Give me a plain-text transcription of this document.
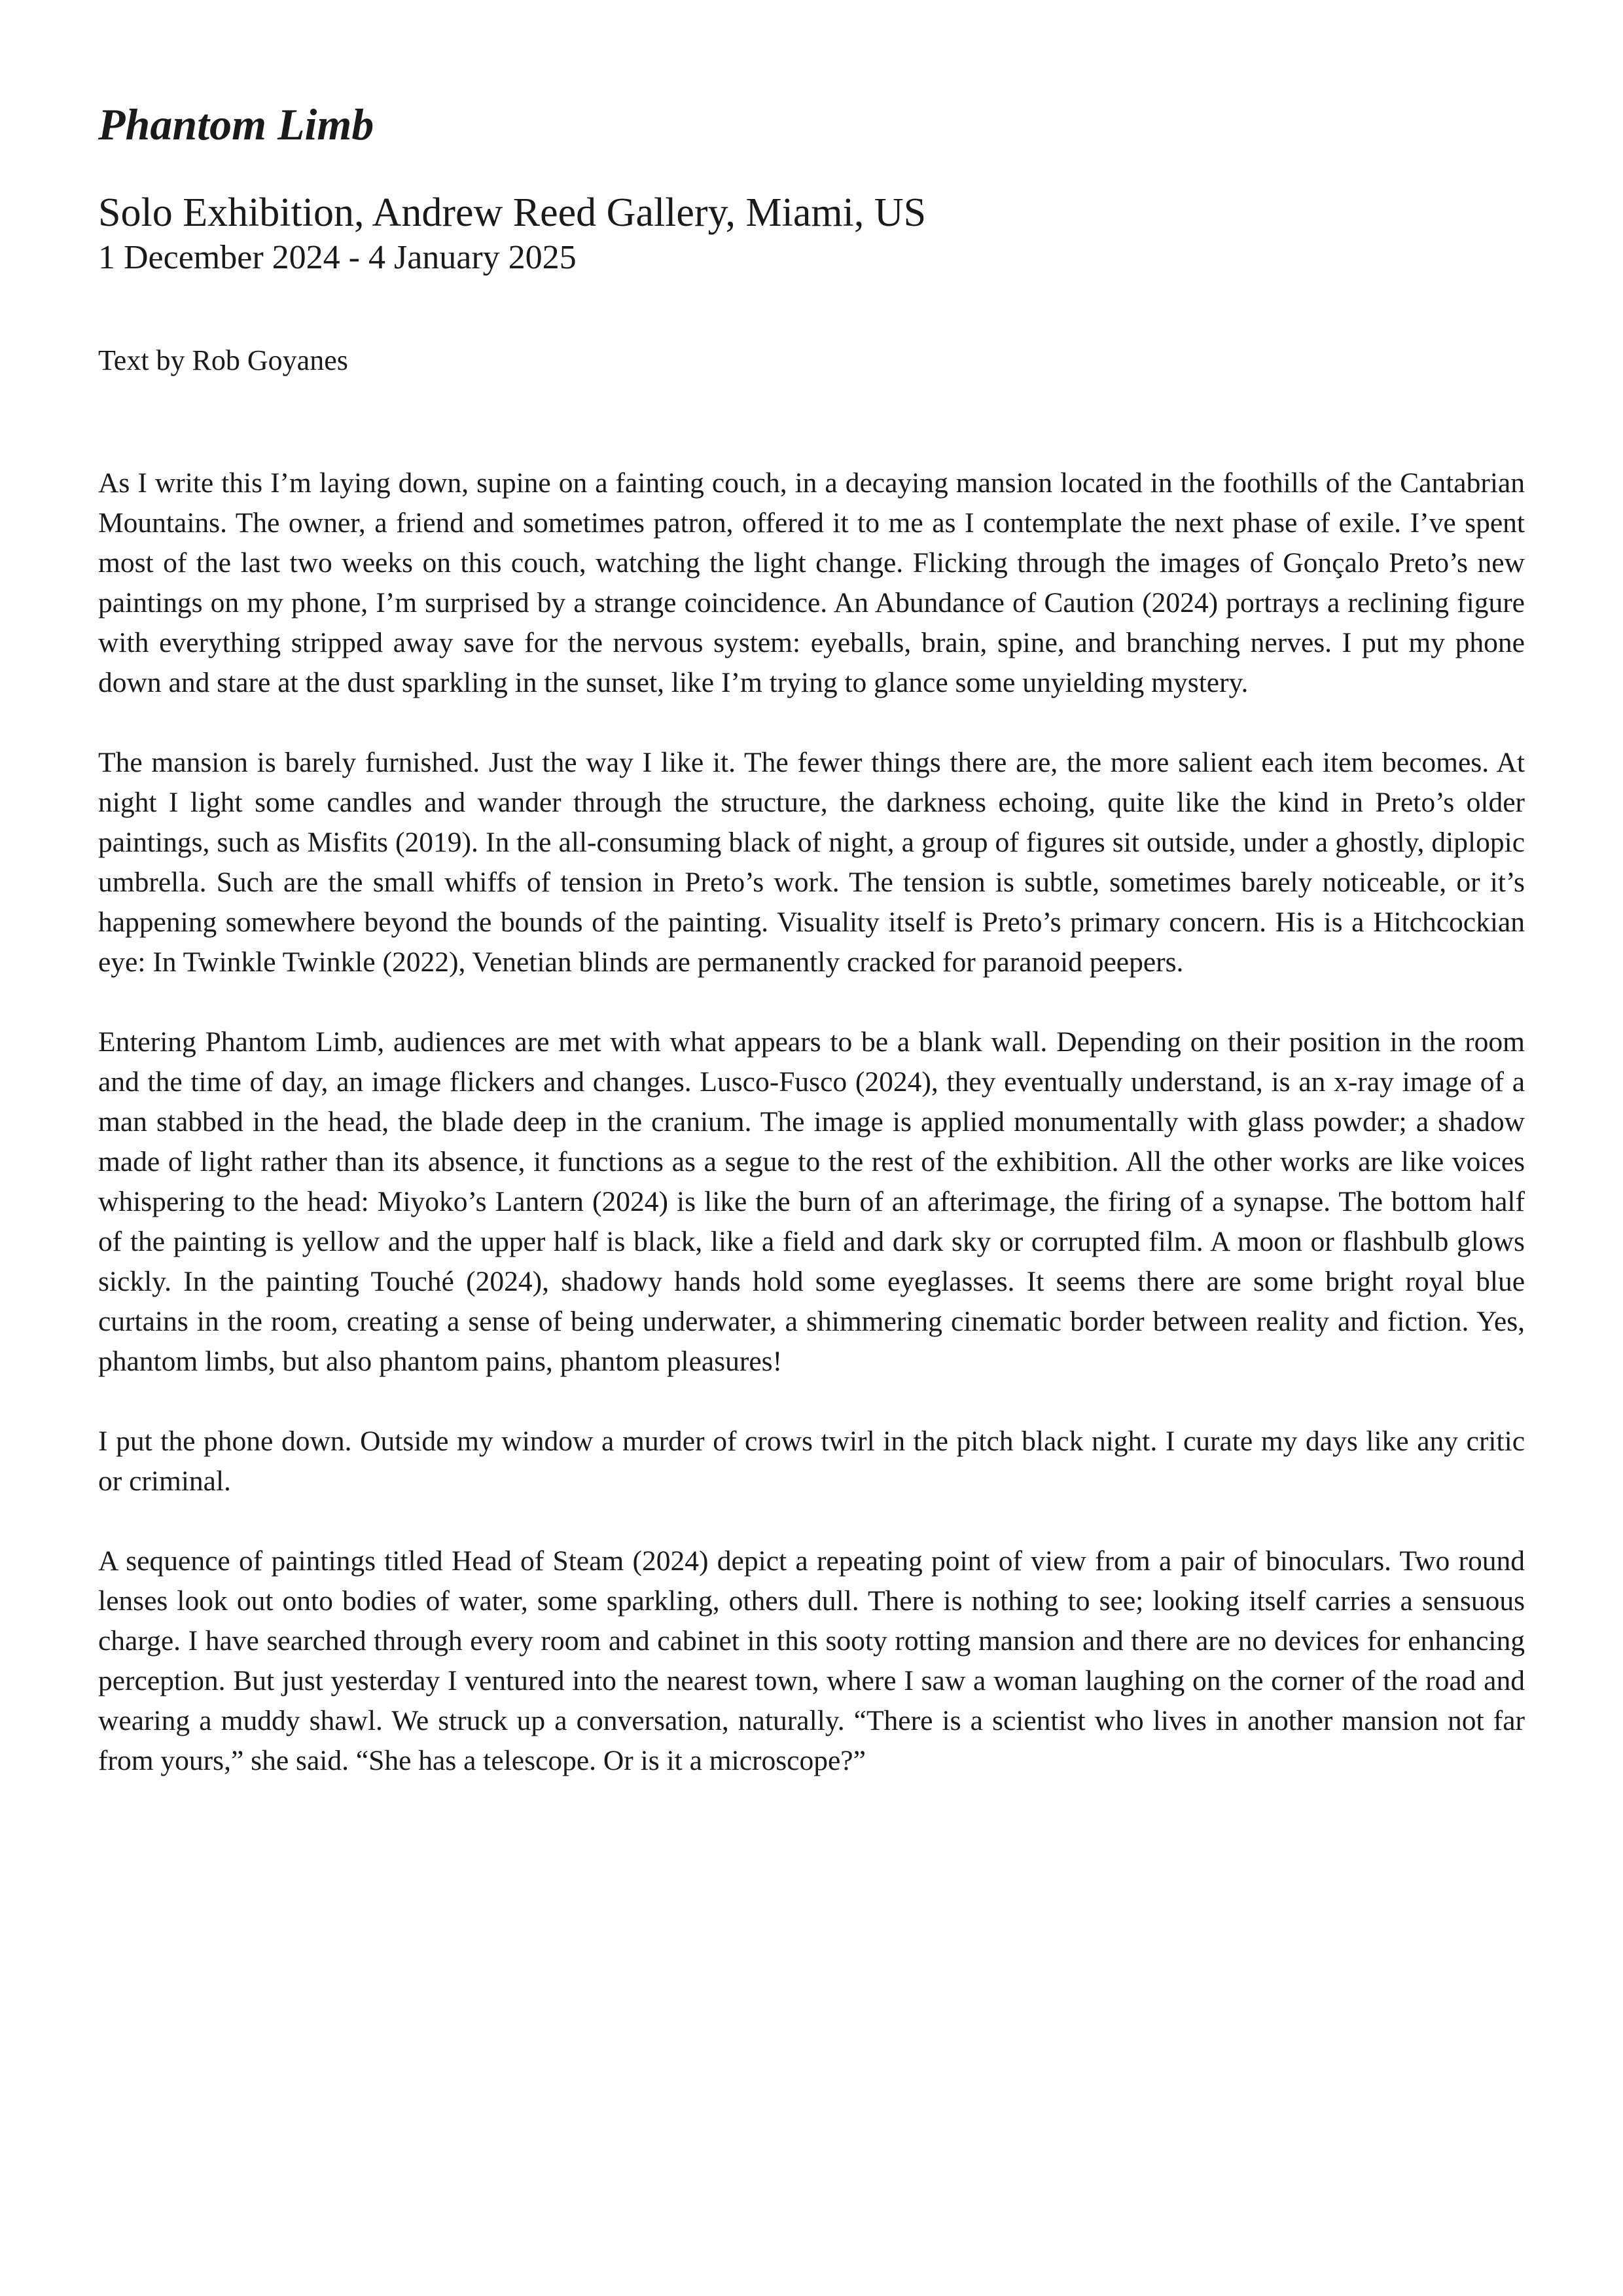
Phantom Limb
Solo Exhibition, Andrew Reed Gallery, Miami, US
1 December 2024 - 4 January 2025
Text by Rob Goyanes

As I write this I’m laying down, supine on a fainting couch, in a decaying mansion located in the foothills of the Cantabrian Mountains. The owner, a friend and sometimes patron, offered it to me as I contemplate the next phase of exile. I’ve spent most of the last two weeks on this couch, watching the light change. Flicking through the images of Gonçalo Preto’s new paintings on my phone, I’m surprised by a strange coincidence. An Abundance of Caution (2024) portrays a reclining figure with everything stripped away save for the nervous system: eyeballs, brain, spine, and branching nerves. I put my phone down and stare at the dust sparkling in the sunset, like I’m trying to glance some unyielding mystery.

The mansion is barely furnished. Just the way I like it. The fewer things there are, the more salient each item becomes. At night I light some candles and wander through the structure, the darkness echoing, quite like the kind in Preto’s older paintings, such as Misfits (2019). In the all-consuming black of night, a group of figures sit outside, under a ghostly, diplopic umbrella. Such are the small whiffs of tension in Preto’s work. The tension is subtle, sometimes barely noticeable, or it’s happening somewhere beyond the bounds of the painting. Visuality itself is Preto’s primary concern. His is a Hitchcockian eye: In Twinkle Twinkle (2022), Venetian blinds are permanently cracked for paranoid peepers.

Entering Phantom Limb, audiences are met with what appears to be a blank wall. Depending on their position in the room and the time of day, an image flickers and changes. Lusco-Fusco (2024), they eventually understand, is an x-ray image of a man stabbed in the head, the blade deep in the cranium. The image is applied monumentally with glass powder; a shadow made of light rather than its absence, it functions as a segue to the rest of the exhibition. All the other works are like voices whispering to the head: Miyoko’s Lantern (2024) is like the burn of an afterimage, the firing of a synapse. The bottom half of the painting is yellow and the upper half is black, like a field and dark sky or corrupted film. A moon or flashbulb glows sickly. In the painting Touché (2024), shadowy hands hold some eyeglasses. It seems there are some bright royal blue curtains in the room, creating a sense of being underwater, a shimmering cinematic border between reality and fiction. Yes, phantom limbs, but also phantom pains, phantom pleasures!

I put the phone down. Outside my window a murder of crows twirl in the pitch black night. I curate my days like any critic or criminal.

A sequence of paintings titled Head of Steam (2024) depict a repeating point of view from a pair of binoculars. Two round lenses look out onto bodies of water, some sparkling, others dull. There is nothing to see; looking itself carries a sensuous charge. I have searched through every room and cabinet in this sooty rotting mansion and there are no devices for enhancing perception. But just yesterday I ventured into the nearest town, where I saw a woman laughing on the corner of the road and wearing a muddy shawl. We struck up a conversation, naturally. “There is a scientist who lives in another mansion not far from yours,” she said. “She has a telescope. Or is it a microscope?”
